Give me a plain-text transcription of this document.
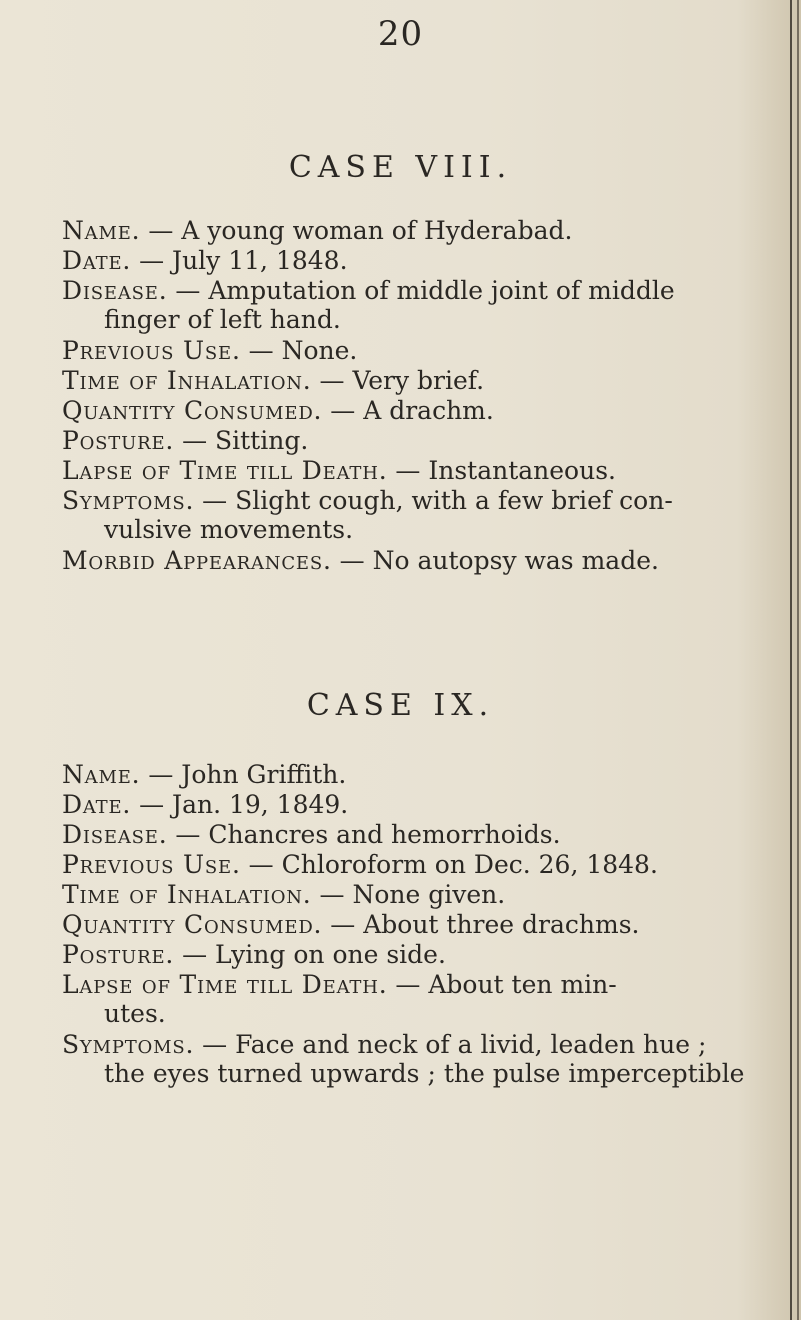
20
CASE VIII.
Name. — A young woman of Hyderabad.
Date. — July 11, 1848.
Disease. — Amputation of middle joint of middle
finger of left hand.
Previous Use. — None.
Time of Inhalation. — Very brief.
Quantity Consumed. — A drachm.
Posture. — Sitting.
Lapse of Time till Death. — Instantaneous.
Symptoms. — Slight cough, with a few brief con-
vulsive movements.
Morbid Appearances. — No autopsy was made.
CASE IX.
Name. — John Griffith.
Date. — Jan. 19, 1849.
Disease. — Chancres and hemorrhoids.
Previous Use. — Chloroform on Dec. 26, 1848.
Time of Inhalation. — None given.
Quantity Consumed. — About three drachms.
Posture. — Lying on one side.
Lapse of Time till Death. — About ten min-
utes.
Symptoms. — Face and neck of a livid, leaden hue ;
the eyes turned upwards ; the pulse imperceptible
